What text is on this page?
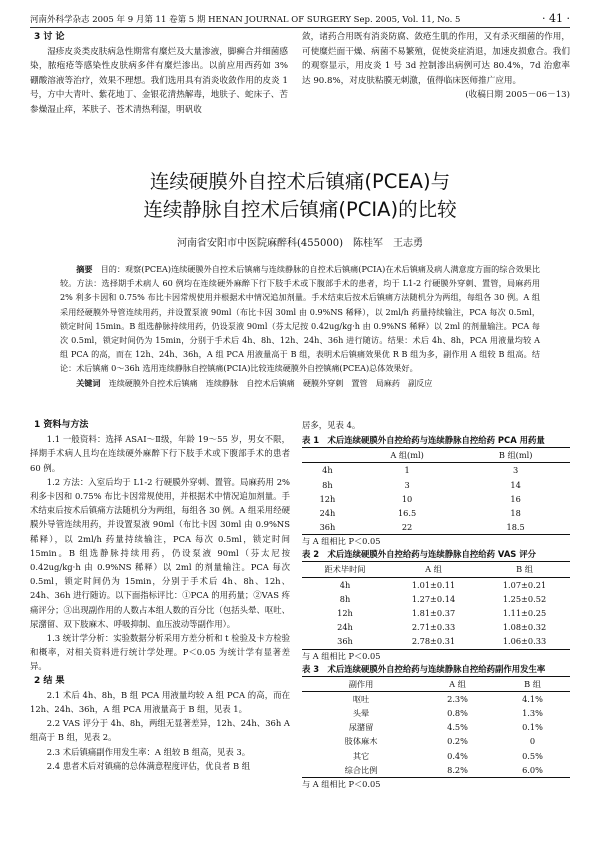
河南外科学杂志 2005 年 9 月第 11 卷第 5 期 HENAN JOURNAL OF SURGERY Sep. 2005, Vol. 11, No. 5	· 41 ·
3 讨 论

湿疹皮炎类皮肤病急性期常有糜烂及大量渗液，脚癣合并细菌感染，脓疱疮等感染性皮肤病多伴有糜烂渗出。以前应用西药如 3% 硼酸溶液等治疗，效果不理想。我们选用具有消炎收敛作用的皮炎 1 号，方中大青叶、紫花地丁、金银花清热解毒，地肤子、蛇床子、苦参燥湿止痒，苯肤子、苍术清热利湿，明矾收

敛，诸药合用既有消炎防腐、敛疮生肌的作用，又有杀灭细菌的作用，可使糜烂面干燥、病菌不易繁殖，促使炎症消退，加速皮损愈合。我们的观察显示，用皮炎 1 号 3d 控制渗出病例可达 80.4%，7d 治愈率达 90.8%，对皮肤粘膜无刺激，值得临床医师推广应用。
(收稿日期 2005－06－13)
连续硬膜外自控术后镇痛(PCEA)与
连续静脉自控术后镇痛(PCIA)的比较
河南省安阳市中医院麻醉科(455000)　陈桂军　王志勇

摘要　 目的：观察(PCEA)连续硬膜外自控术后镇痛与连续静脉的自控术后镇痛(PCIA)在术后镇痛及病人满意度方面的综合效果比较。方法：选择期手术病人 60 例均在连续硬外麻醉下行下肢手术或下腹部手术的患者，均于 L1-2 行硬膜外穿刺、置管，局麻药用 2% 利多卡因和 0.75% 布比卡因常规使用并根据术中情况追加剂量。手术结束后按术后镇痛方法随机分为两组，每组各 30 例。A 组采用经硬膜外导管连续用药，并设置泵液 90ml（布比卡因 30ml 由 0.9%NS 稀释），以 2ml/h 药量持续输注，PCA 每次 0.5ml，锁定时间 15min。B 组选静脉持续用药，仍设泵液 90ml（芬太尼按 0.42ug/kg·h 由 0.9%NS 稀释）以 2ml 的剂量输注。PCA 每次 0.5ml，锁定时间仍为 15min，分别于手术后 4h、8h、12h、24h、36h 进行随访。结果：术后 4h、8h，PCA 用液量均较 A 组 PCA 的高，而在 12h、24h、36h，A 组 PCA 用液量高于 B 组，表明术后镇痛效果优 R B 组为多，副作用 A 组较 B 组高。结论：术后镇痛 0～36h 选用连续静脉自控镇痛(PCIA)比较连续硬膜外自控镇痛(PCEA)总体效果好。

关键词　 连续硬膜外自控术后镇痛　连续静脉　自控术后镇痛　硬膜外穿刺　置管　局麻药　副反应

1 资料与方法

1.1 一般资料：选择 ASAⅠ～Ⅱ级，年龄 19～55 岁，男女不限，择期手术病人且均在连续硬外麻醉下行下肢手术或下腹部手术的患者 60 例。

1.2 方法：入室后均于 L1-2 行硬膜外穿刺、置管。局麻药用 2% 利多卡因和 0.75% 布比卡因常规使用，并根据术中情况追加剂量。手术结束后按术后镇痛方法随机分为两组，每组各 30 例。A 组采用经硬膜外导管连续用药，并设置泵液 90ml（布比卡因 30ml 由 0.9%NS 稀释），以 2ml/h 药量持续输注，PCA 每次 0.5ml，锁定时间 15min。B 组选静脉持续用药，仍设泵液 90ml（芬太尼按 0.42ug/kg·h 由 0.9%NS 稀释）以 2ml 的剂量输注。PCA 每次 0.5ml，锁定时间仍为 15min，分别于手术后 4h、8h、12h、24h、36h 进行随访。以下面指标评比：①PCA 的用药量；②VAS 疼痛评分；③出现副作用的人数占本组人数的百分比（包括头晕、呕吐、尿潴留、双下肢麻木、呼吸抑制、血压波动等副作用）。

1.3 统计学分析：实验数据分析采用方差分析和 t 检验及卡方检验和概率，对相关资料进行统计学处理。P＜0.05 为统计学有显著差异。

2 结 果

2.1 术后 4h、8h，B 组 PCA 用液量均较 A 组 PCA 的高，而在 12h、24h、36h，A 组 PCA 用液量高于 B 组，见表 1。

2.2 VAS 评分于 4h、8h，两组无显著差异，12h、24h、36h A 组高于 B 组，见表 2。

2.3 术后镇痛副作用发生率：A 组较 B 组高，见表 3。

2.4 患者术后对镇痛的总体满意程度评估，优良者 B 组

居多，见表 4。
表 1　术后连续硬膜外自控给药与连续静脉自控给药 PCA 用药量
	A 组(ml)	B 组(ml)
4h	1	3
8h	3	14
12h	10	16
24h	16.5	18
36h	22	18.5
与 A 组相比 P＜0.05
表 2　术后连续硬膜外自控给药与连续静脉自控给药 VAS 评分
距术毕时间	A 组	B 组
4h	1.01±0.11	1.07±0.21
8h	1.27±0.14	1.25±0.52
12h	1.81±0.37	1.11±0.25
24h	2.71±0.33	1.08±0.32
36h	2.78±0.31	1.06±0.33
与 A 组相比 P＜0.05
表 3　术后连续硬膜外自控给药与连续静脉自控给药副作用发生率
副作用	A 组	B 组
呕吐	2.3%	4.1%
头晕	0.8%	1.3%
尿潴留	4.5%	0.1%
肢体麻木	0.2%	0
其它	0.4%	0.5%
综合比例	8.2%	6.0%
与 A 组相比 P＜0.05
